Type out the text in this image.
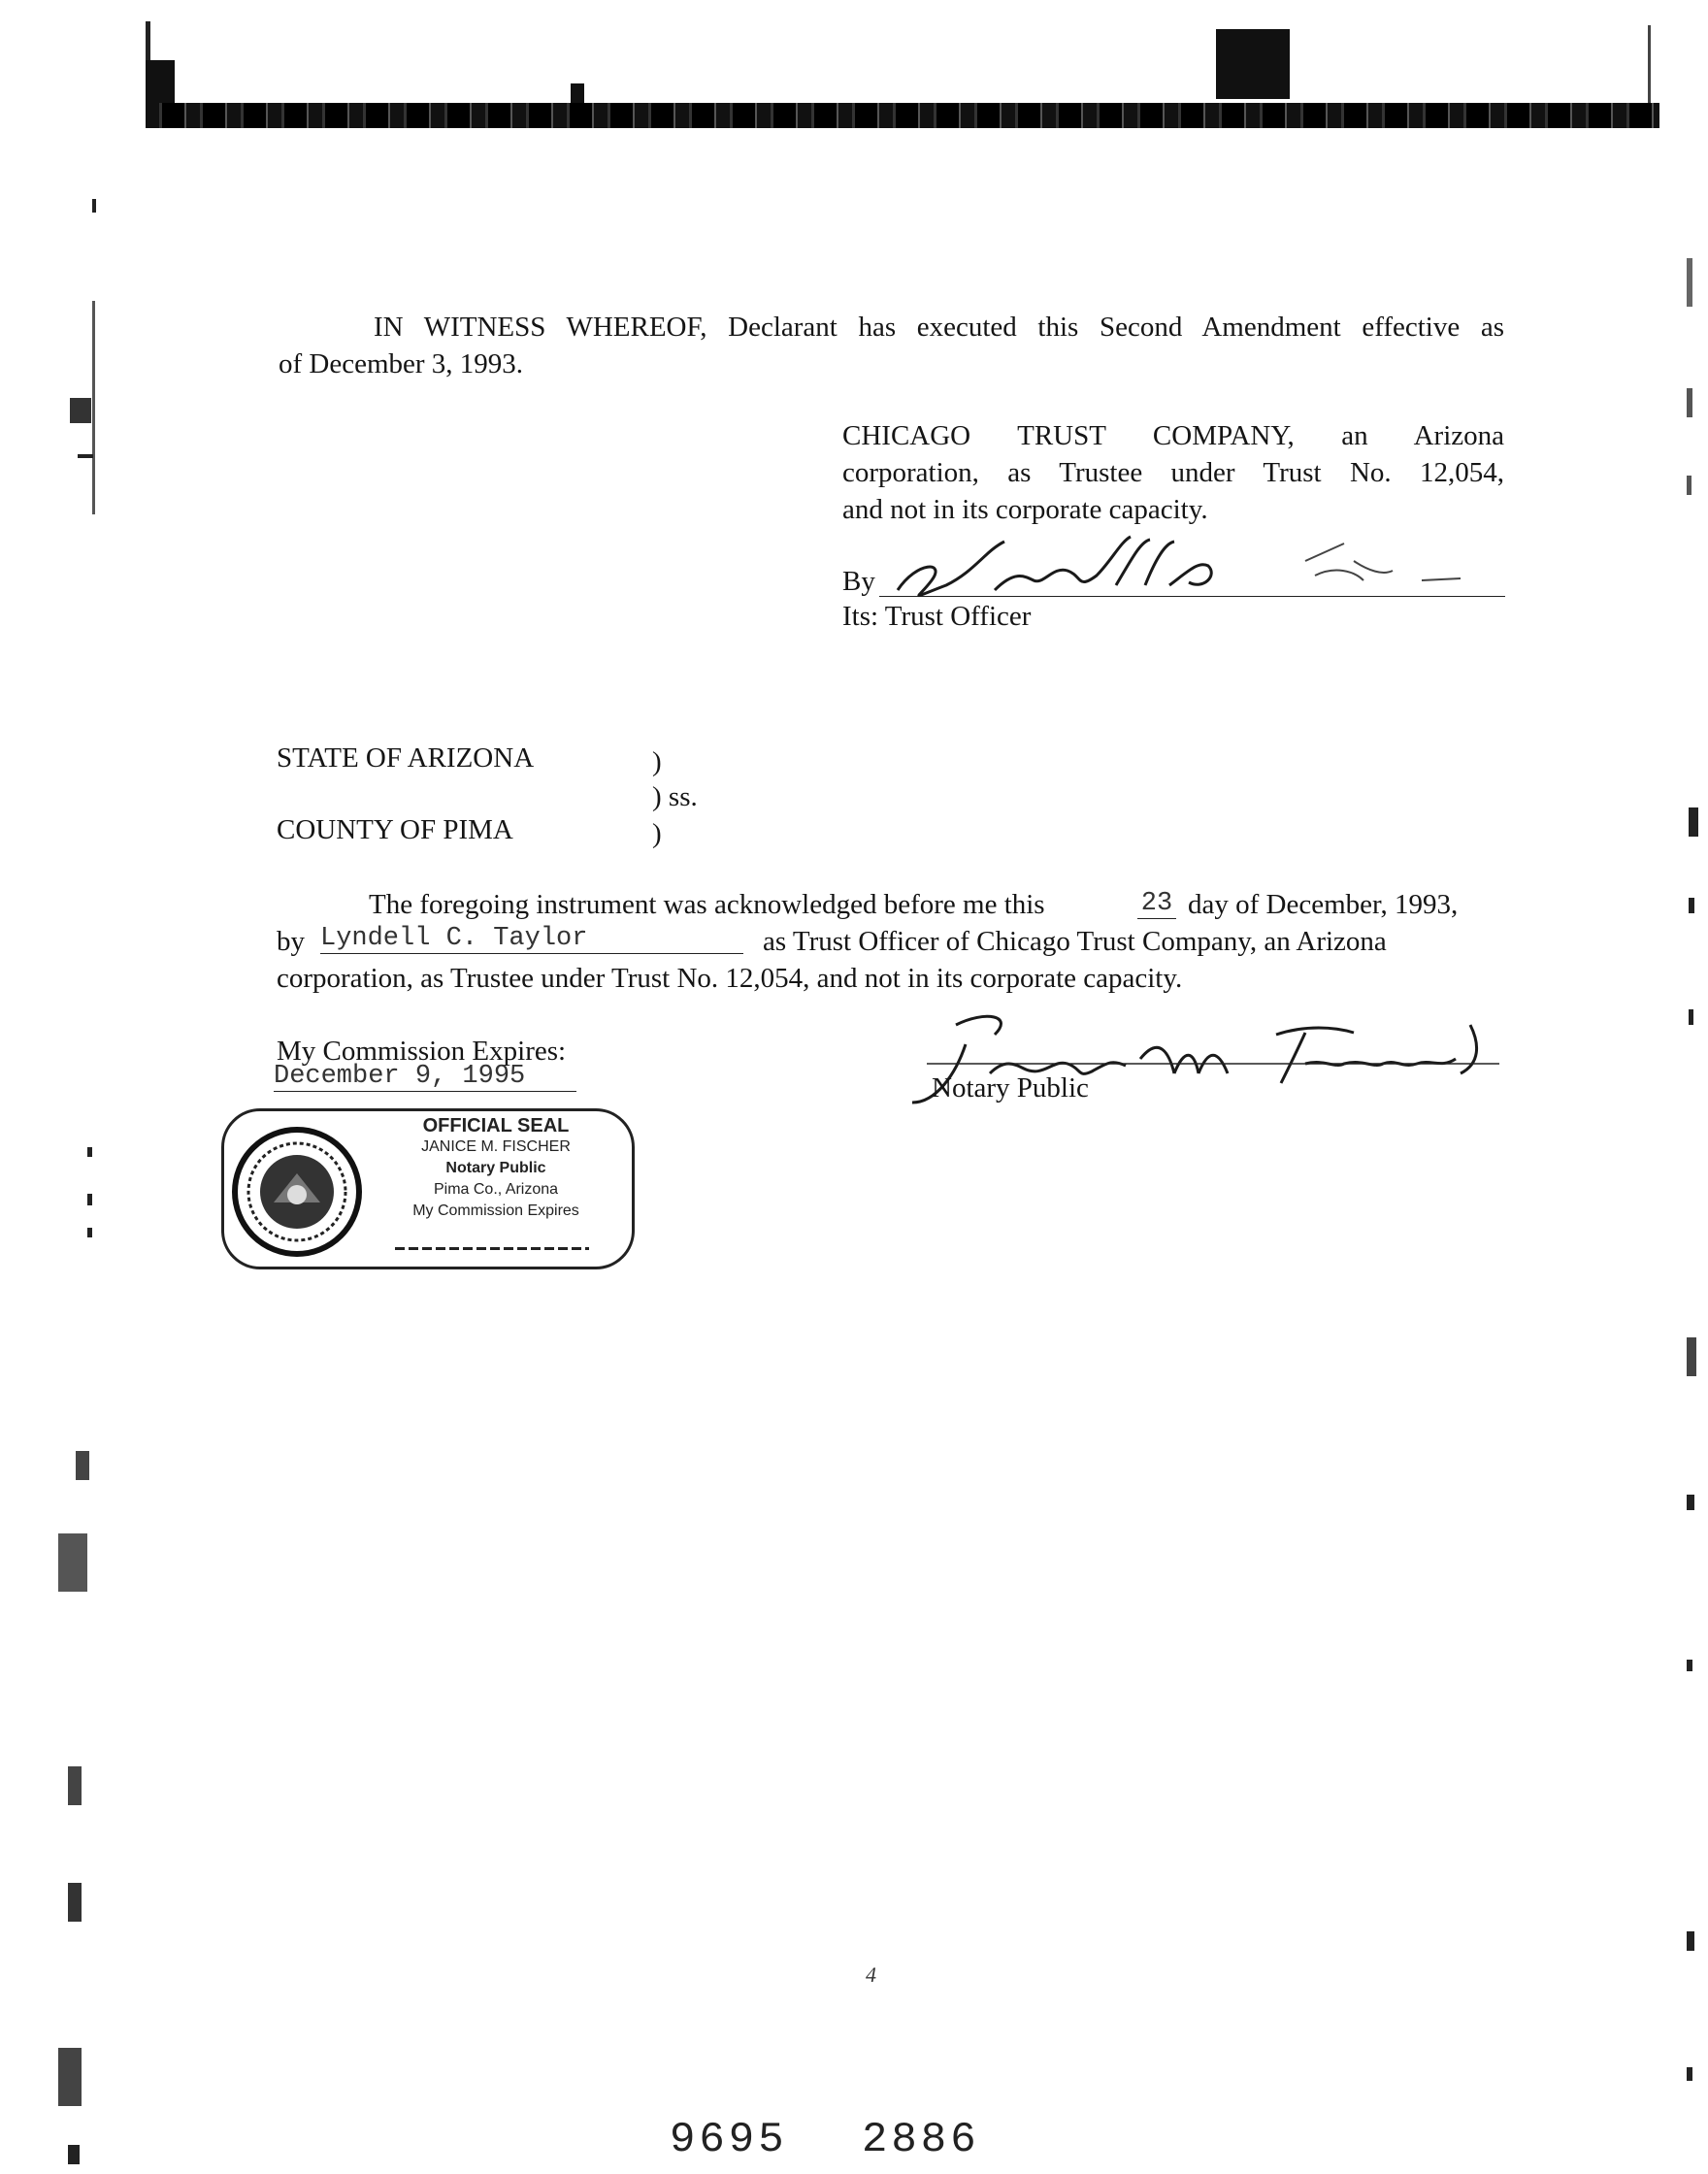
IN WITNESS WHEREOF, Declarant has executed this Second Amendment effective as
of December 3, 1993.
CHICAGO TRUST COMPANY, an Arizona
corporation, as Trustee under Trust No. 12,054,
and not in its corporate capacity.
By
Its: Trust Officer
STATE OF ARIZONA	)
) ss.
COUNTY OF PIMA	)
The foregoing instrument was acknowledged before me this	23 day of December, 1993,
by Lyndell C. Taylor	as Trust Officer of Chicago Trust Company, an Arizona
corporation, as Trustee under Trust No. 12,054, and not in its corporate capacity.
My Commission Expires:
December 9, 1995	Notary Public
OFFICIAL SEAL
JANICE M. FISCHER
Notary Public
Pima Co., Arizona
My Commission Expires
4
9695 2886
